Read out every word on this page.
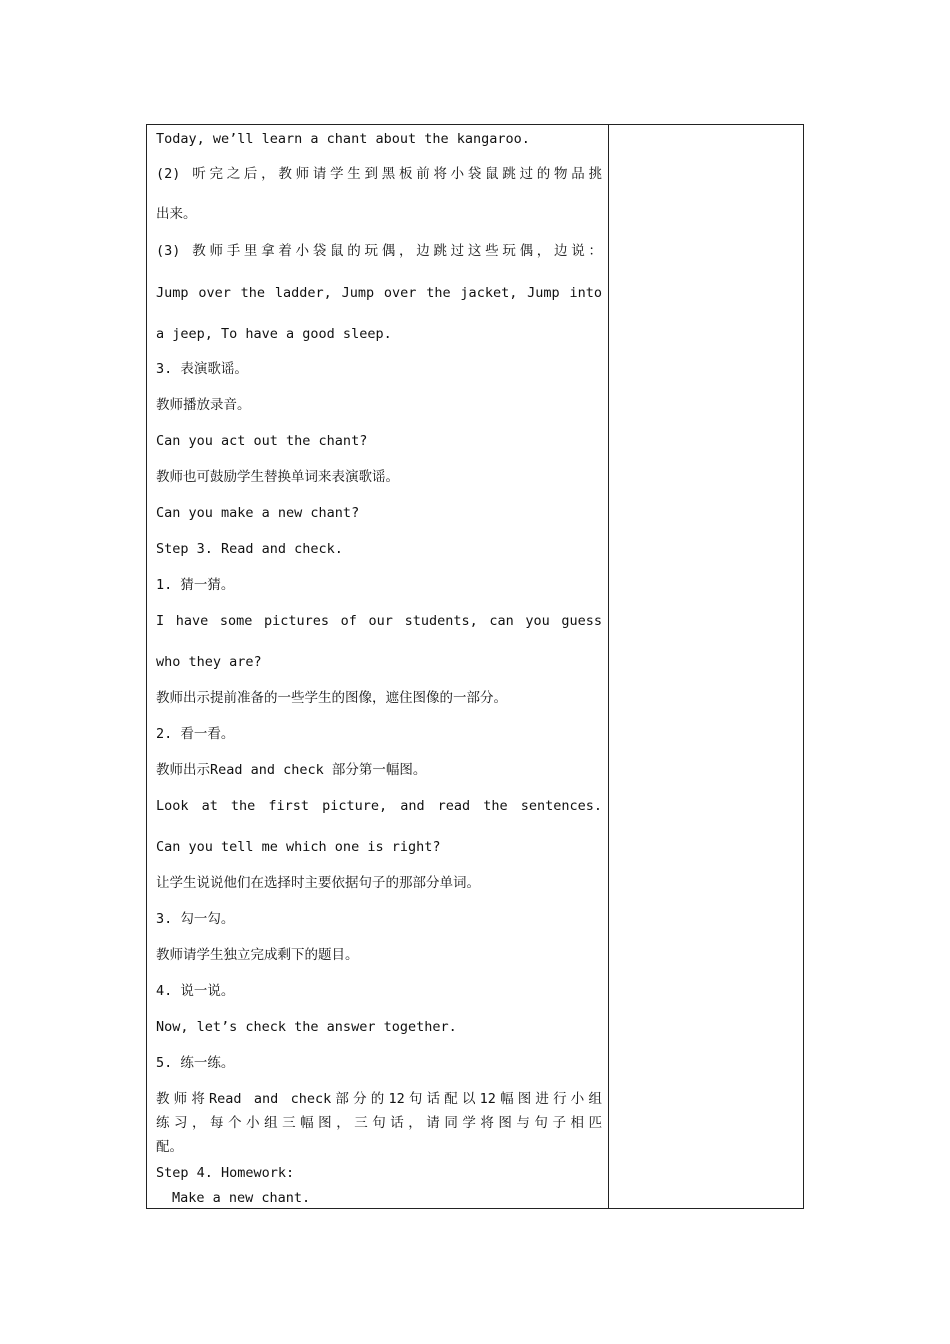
Today, we’ll learn a chant about the kangaroo.
(2) 听完之后，教师请学生到黑板前将小袋鼠跳过的物品挑
出来。
(3) 教师手里拿着小袋鼠的玩偶，边跳过这些玩偶，边说：
Jump over the ladder, Jump over the jacket, Jump into
a jeep, To have a good sleep.
3. 表演歌谣。
教师播放录音。
Can you act out the chant?
教师也可鼓励学生替换单词来表演歌谣。
Can you make a new chant?
Step 3. Read and check.
1. 猜一猜。
I have some pictures of our students, can you guess
who they are?
教师出示提前准备的一些学生的图像，遮住图像的一部分。
2. 看一看。
教师出示Read and check 部分第一幅图。
Look at the first picture, and read the sentences.
Can you tell me which one is right?
让学生说说他们在选择时主要依据句子的那部分单词。
3. 勾一勾。
教师请学生独立完成剩下的题目。
4. 说一说。
Now, let’s check the answer together.
5. 练一练。
教师将Read and check部分的12句话配以12幅图进行小组
练习，每个小组三幅图，三句话，请同学将图与句子相匹
配。
Step 4. Homework:
Make a new chant.
